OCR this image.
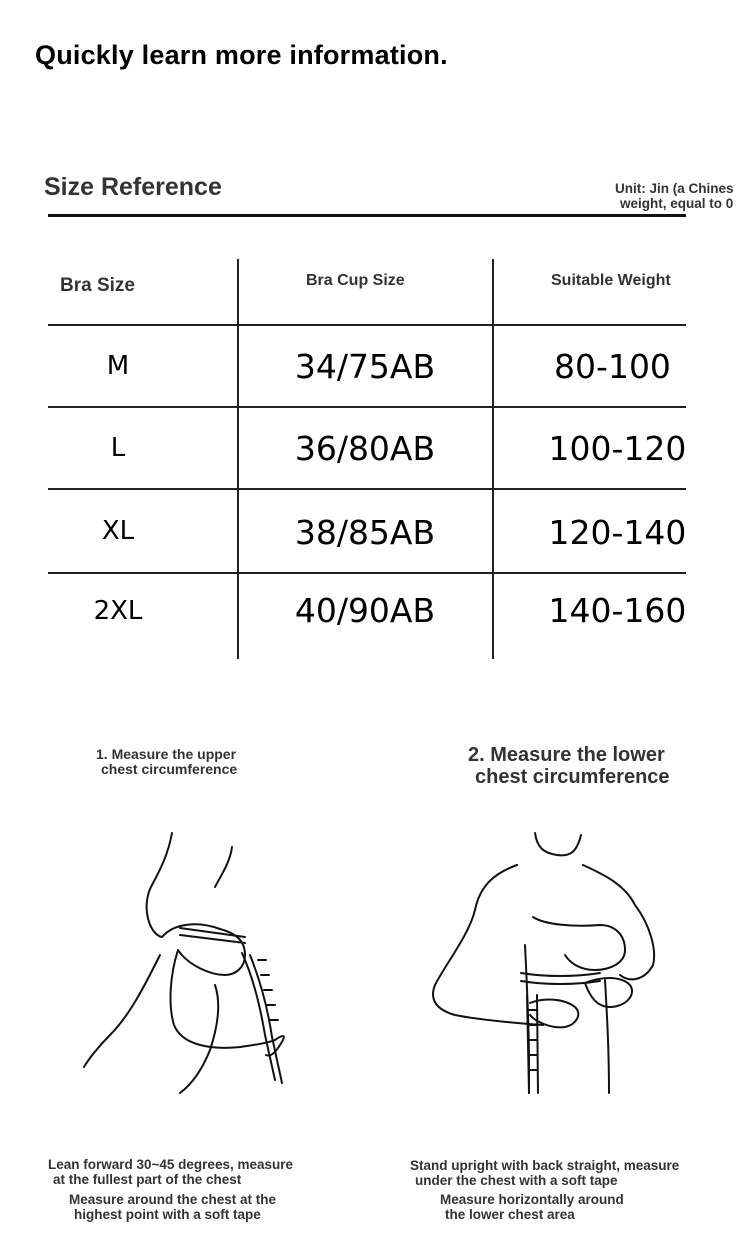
Quickly learn more information.
Size Reference	Unit: Jin (a Chines
weight, equal to 0
Bra Size	Bra Cup Size	Suitable Weight
M	34/75AB	80-100
L	36/80AB	100-120
XL	38/85AB	120-140
2XL	40/90AB	140-160
1. Measure the upper
chest circumference
2. Measure the lower
chest circumference
Lean forward 30~45 degrees, measure
at the fullest part of the chest
Measure around the chest at the
highest point with a soft tape
Stand upright with back straight, measure
under the chest with a soft tape
Measure horizontally around
the lower chest area
